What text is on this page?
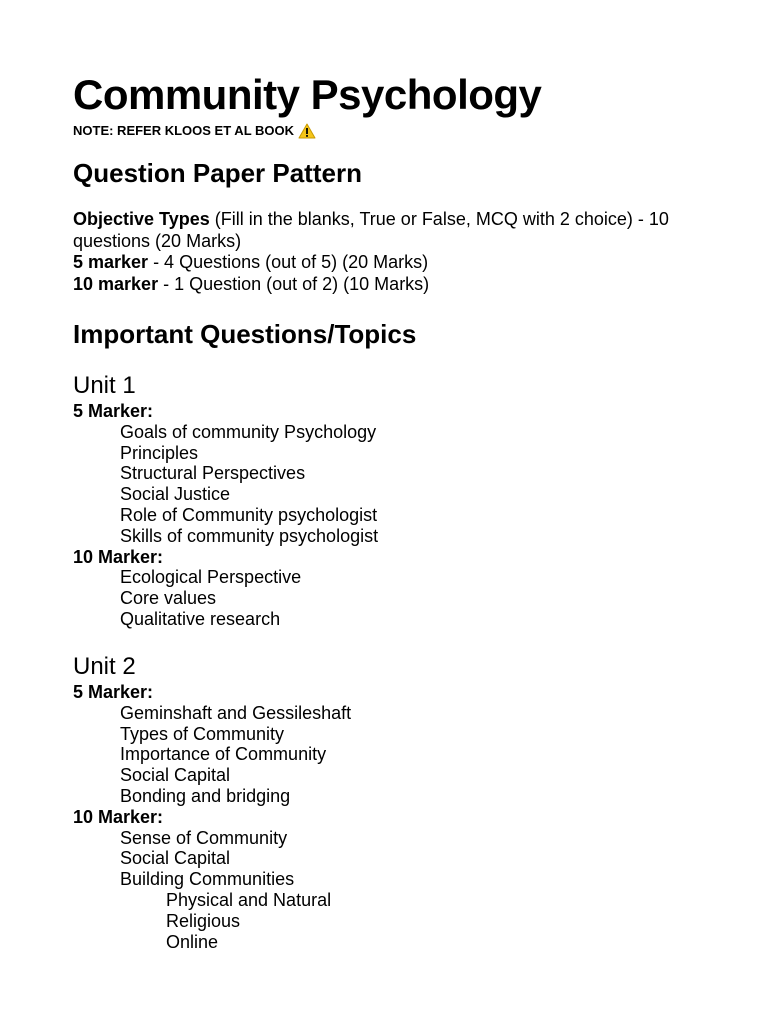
Community Psychology

NOTE: REFER KLOOS ET AL BOOK

Question Paper Pattern

Objective Types (Fill in the blanks, True or False, MCQ with 2 choice) - 10 questions (20 Marks)
5 marker - 4 Questions (out of 5) (20 Marks)
10 marker - 1 Question (out of 2) (10 Marks)

Important Questions/Topics
Unit 1
5 Marker:
Goals of community Psychology
Principles
Structural Perspectives
Social Justice
Role of Community psychologist
Skills of community psychologist
10 Marker:
Ecological Perspective
Core values
Qualitative research
Unit 2
5 Marker:
Geminshaft and Gessileshaft
Types of Community
Importance of Community
Social Capital
Bonding and bridging
10 Marker:
Sense of Community
Social Capital
Building Communities
Physical and Natural
Religious
Online
